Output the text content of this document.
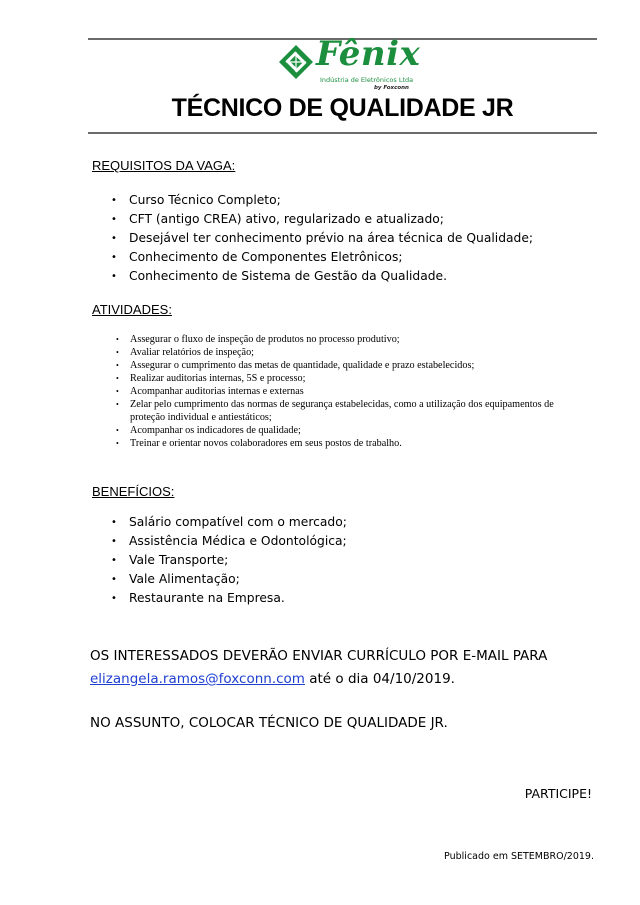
Fênix
Indústria de Eletrônicos Ltda
by Foxconn
TÉCNICO DE QUALIDADE JR
REQUISITOS DA VAGA:
• Curso Técnico Completo;
• CFT (antigo CREA) ativo, regularizado e atualizado;
• Desejável ter conhecimento prévio na área técnica de Qualidade;
• Conhecimento de Componentes Eletrônicos;
• Conhecimento de Sistema de Gestão da Qualidade.
ATIVIDADES:
• Assegurar o fluxo de inspeção de produtos no processo produtivo;
• Avaliar relatórios de inspeção;
• Assegurar o cumprimento das metas de quantidade, qualidade e prazo estabelecidos;
• Realizar auditorias internas, 5S e processo;
• Acompanhar auditorias internas e externas
• Zelar pelo cumprimento das normas de segurança estabelecidas, como a utilização dos equipamentos de proteção individual e antiestáticos;
• Acompanhar os indicadores de qualidade;
• Treinar e orientar novos colaboradores em seus postos de trabalho.
BENEFÍCIOS:
• Salário compatível com o mercado;
• Assistência Médica e Odontológica;
• Vale Transporte;
• Vale Alimentação;
• Restaurante na Empresa.
OS INTERESSADOS DEVERÃO ENVIAR CURRÍCULO POR E-MAIL PARA
elizangela.ramos@foxconn.com até o dia 04/10/2019.
NO ASSUNTO, COLOCAR TÉCNICO DE QUALIDADE JR.
PARTICIPE!
Publicado em SETEMBRO/2019.
